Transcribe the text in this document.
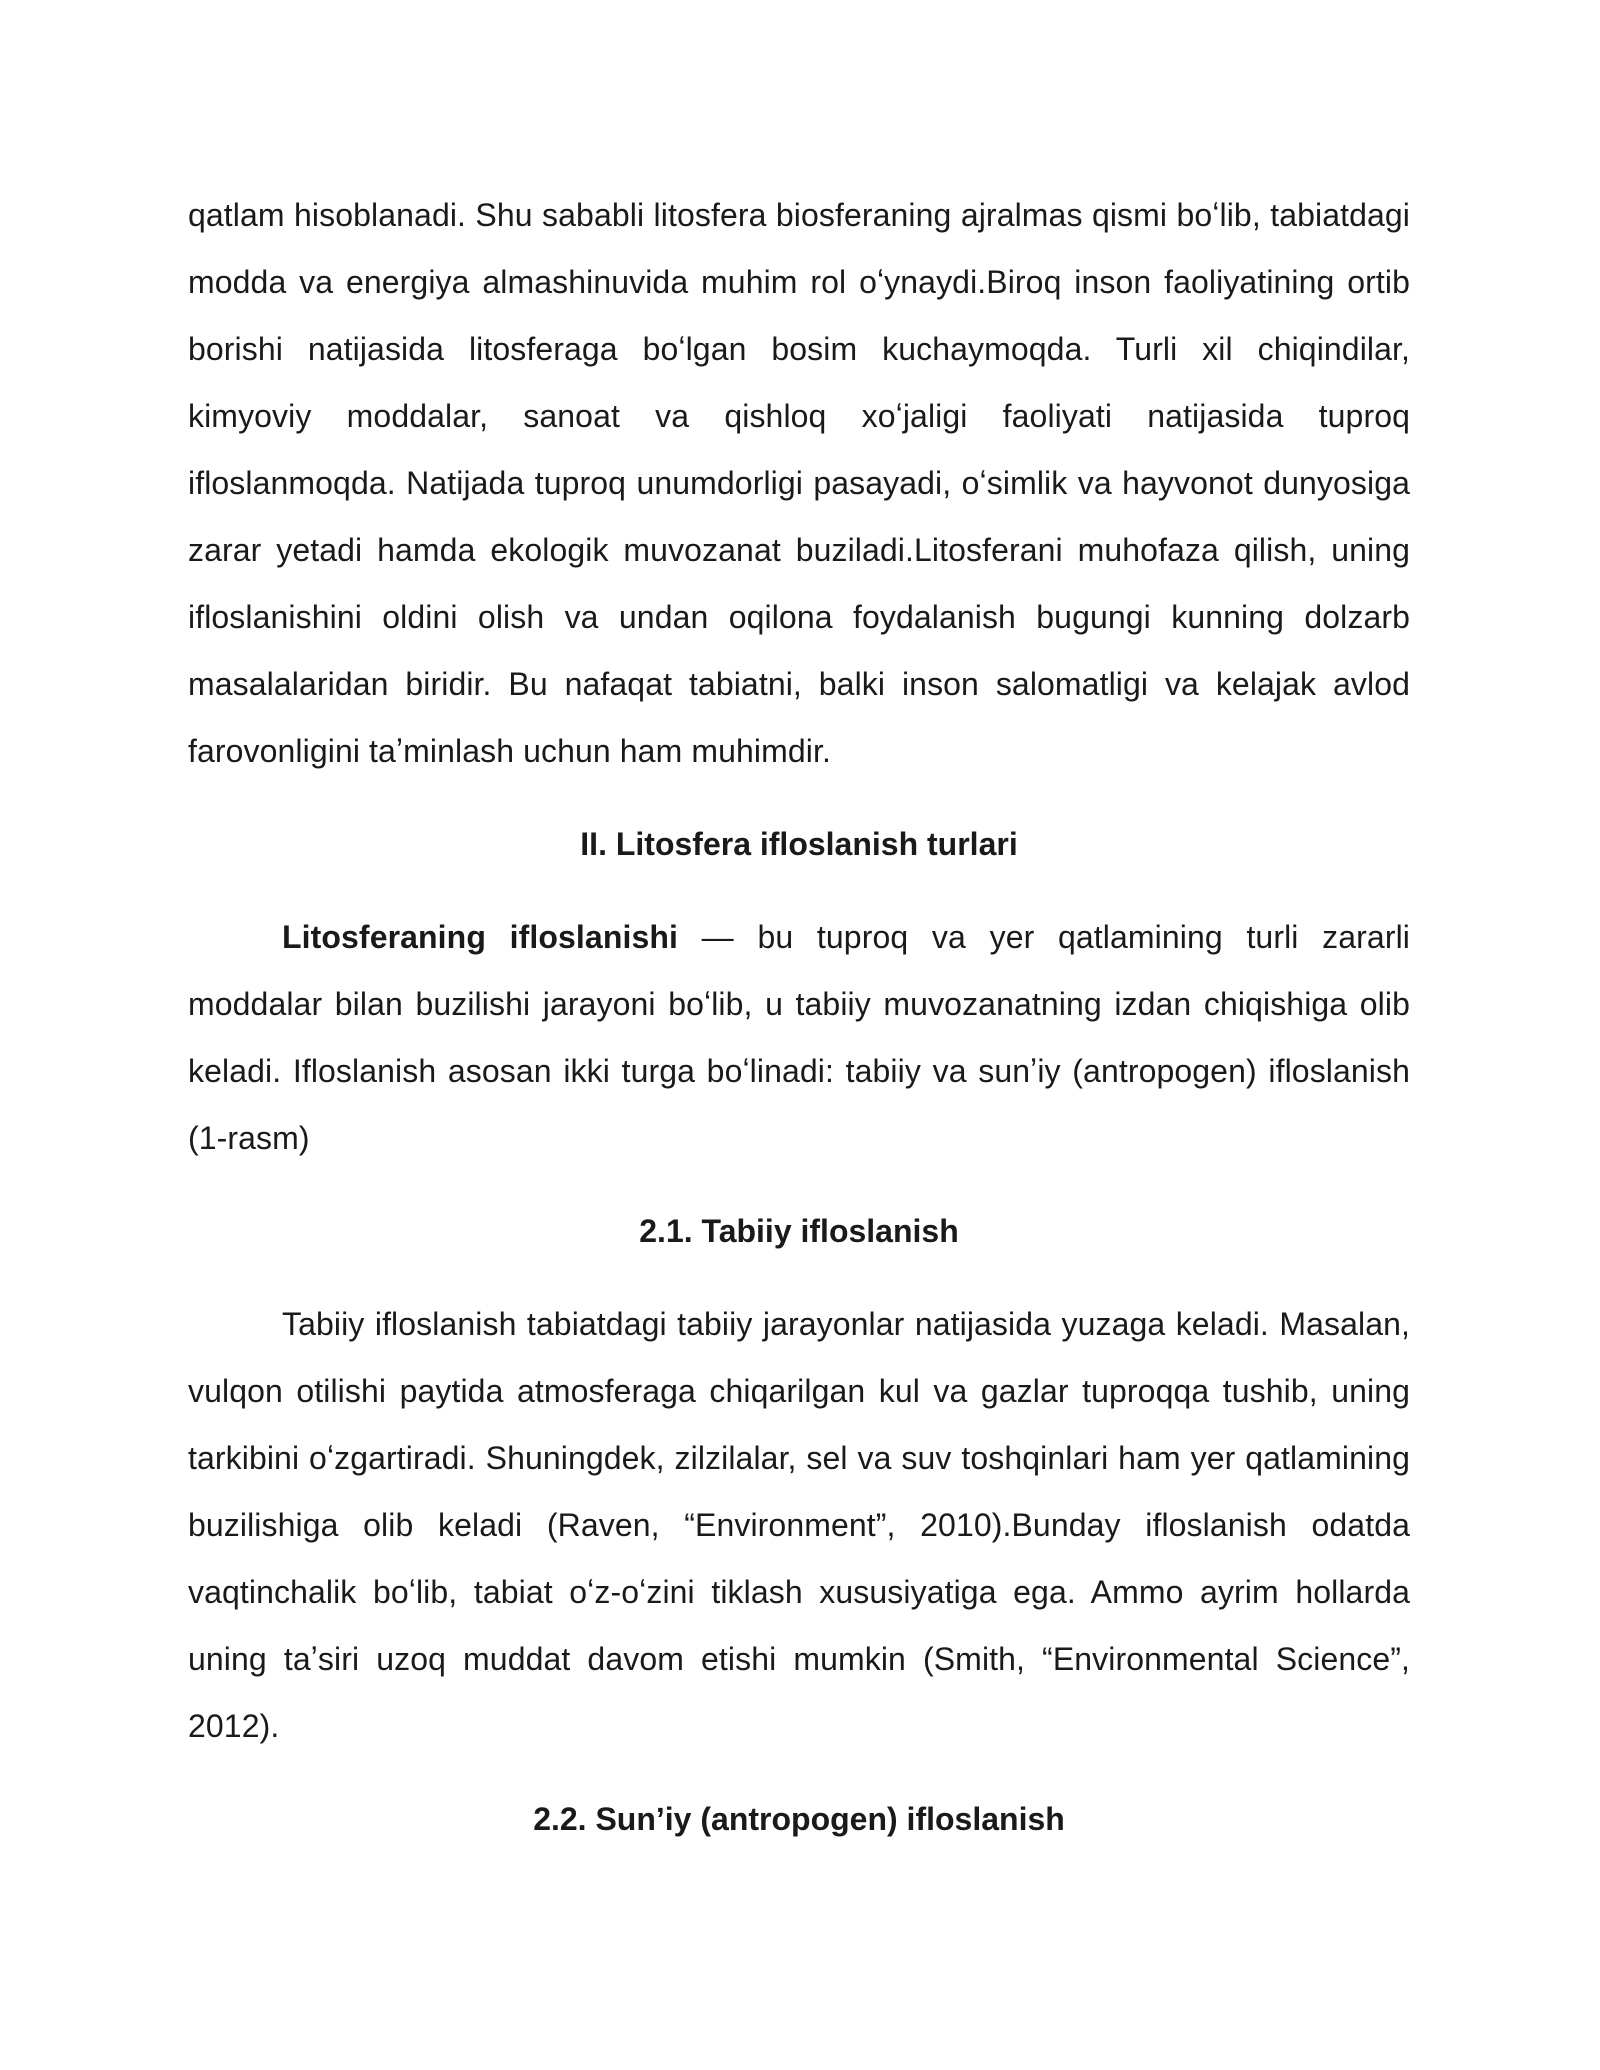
qatlam hisoblanadi. Shu sababli litosfera biosferaning ajralmas qismi boʻlib, tabiatdagi modda va energiya almashinuvida muhim rol oʻynaydi.Biroq inson faoliyatining ortib borishi natijasida litosferaga boʻlgan bosim kuchaymoqda. Turli xil chiqindilar, kimyoviy moddalar, sanoat va qishloq xoʻjaligi faoliyati natijasida tuproq ifloslanmoqda. Natijada tuproq unumdorligi pasayadi, oʻsimlik va hayvonot dunyosiga zarar yetadi hamda ekologik muvozanat buziladi.Litosferani muhofaza qilish, uning ifloslanishini oldini olish va undan oqilona foydalanish bugungi kunning dolzarb masalalaridan biridir. Bu nafaqat tabiatni, balki inson salomatligi va kelajak avlod farovonligini taʼminlash uchun ham muhimdir.

II. Litosfera ifloslanish turlari

Litosferaning ifloslanishi — bu tuproq va yer qatlamining turli zararli moddalar bilan buzilishi jarayoni boʻlib, u tabiiy muvozanatning izdan chiqishiga olib keladi. Ifloslanish asosan ikki turga boʻlinadi: tabiiy va sunʼiy (antropogen) ifloslanish (1-rasm)

2.1. Tabiiy ifloslanish

Tabiiy ifloslanish tabiatdagi tabiiy jarayonlar natijasida yuzaga keladi. Masalan, vulqon otilishi paytida atmosferaga chiqarilgan kul va gazlar tuproqqa tushib, uning tarkibini oʻzgartiradi. Shuningdek, zilzilalar, sel va suv toshqinlari ham yer qatlamining buzilishiga olib keladi (Raven, “Environment”, 2010).Bunday ifloslanish odatda vaqtinchalik boʻlib, tabiat oʻz-oʻzini tiklash xususiyatiga ega. Ammo ayrim hollarda uning taʼsiri uzoq muddat davom etishi mumkin (Smith, “Environmental Science”, 2012).

2.2. Sunʼiy (antropogen) ifloslanish
